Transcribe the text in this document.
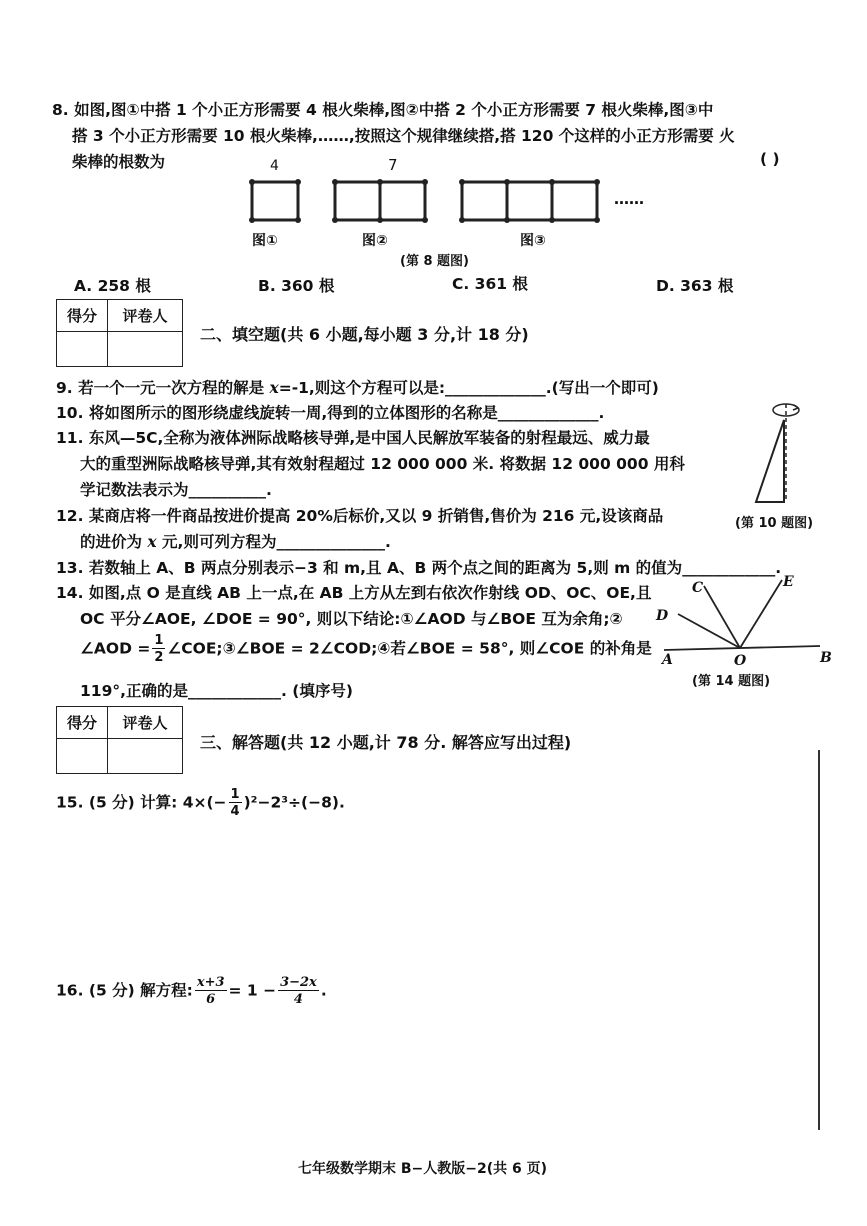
8. 如图,图①中搭 1 个小正方形需要 4 根火柴棒,图②中搭 2 个小正方形需要 7 根火柴棒,图③中
搭 3 个小正方形需要 10 根火柴棒,……,按照这个规律继续搭,搭 120 个这样的小正方形需要 火
柴棒的根数为	( )
4	7
……
图①	图②	图③
(第 8 题图)
A. 258 根	B. 360 根	C. 361 根	D. 363 根
得分	评卷人

二、填空题(共 6 小题,每小题 3 分,计 18 分)
9. 若一个一元一次方程的解是 x=-1,则这个方程可以是:_____________.(写出一个即可)
10. 将如图所示的图形绕虚线旋转一周,得到的立体图形的名称是_____________.
(第 10 题图)
11. 东风—5C,全称为液体洲际战略核导弹,是中国人民解放军装备的射程最远、威力最
大的重型洲际战略核导弹,其有效射程超过 12 000 000 米. 将数据 12 000 000 用科
学记数法表示为__________.
12. 某商店将一件商品按进价提高 20%后标价,又以 9 折销售,售价为 216 元,设该商品
的进价为 x 元,则可列方程为______________.
13. 若数轴上 A、B 两点分别表示−3 和 m,且 A、B 两个点之间的距离为 5,则 m 的值为____________.
14. 如图,点 O 是直线 AB 上一点,在 AB 上方从左到右依次作射线 OD、OC、OE,且
OC 平分∠AOE, ∠DOE = 90°, 则以下结论:①∠AOD 与∠BOE 互为余角;②
∠AOD = $\frac{1}{2}$ ∠COE;③∠BOE = 2∠COD;④若∠BOE = 58°, 则∠COE 的补角是
119°,正确的是____________. (填序号)
C	E
D
A	O	B
(第 14 题图)
得分	评卷人

三、解答题(共 12 小题,计 78 分. 解答应写出过程)
15. (5 分) 计算: $4\times(- \frac{1}{4} )^2-2^3\div(-8)$.
16. (5 分) 解方程: $\frac{x+3}{6} = 1 - \frac{3-2x}{4}$ .
七年级数学期末 B−人教版−2(共 6 页)
